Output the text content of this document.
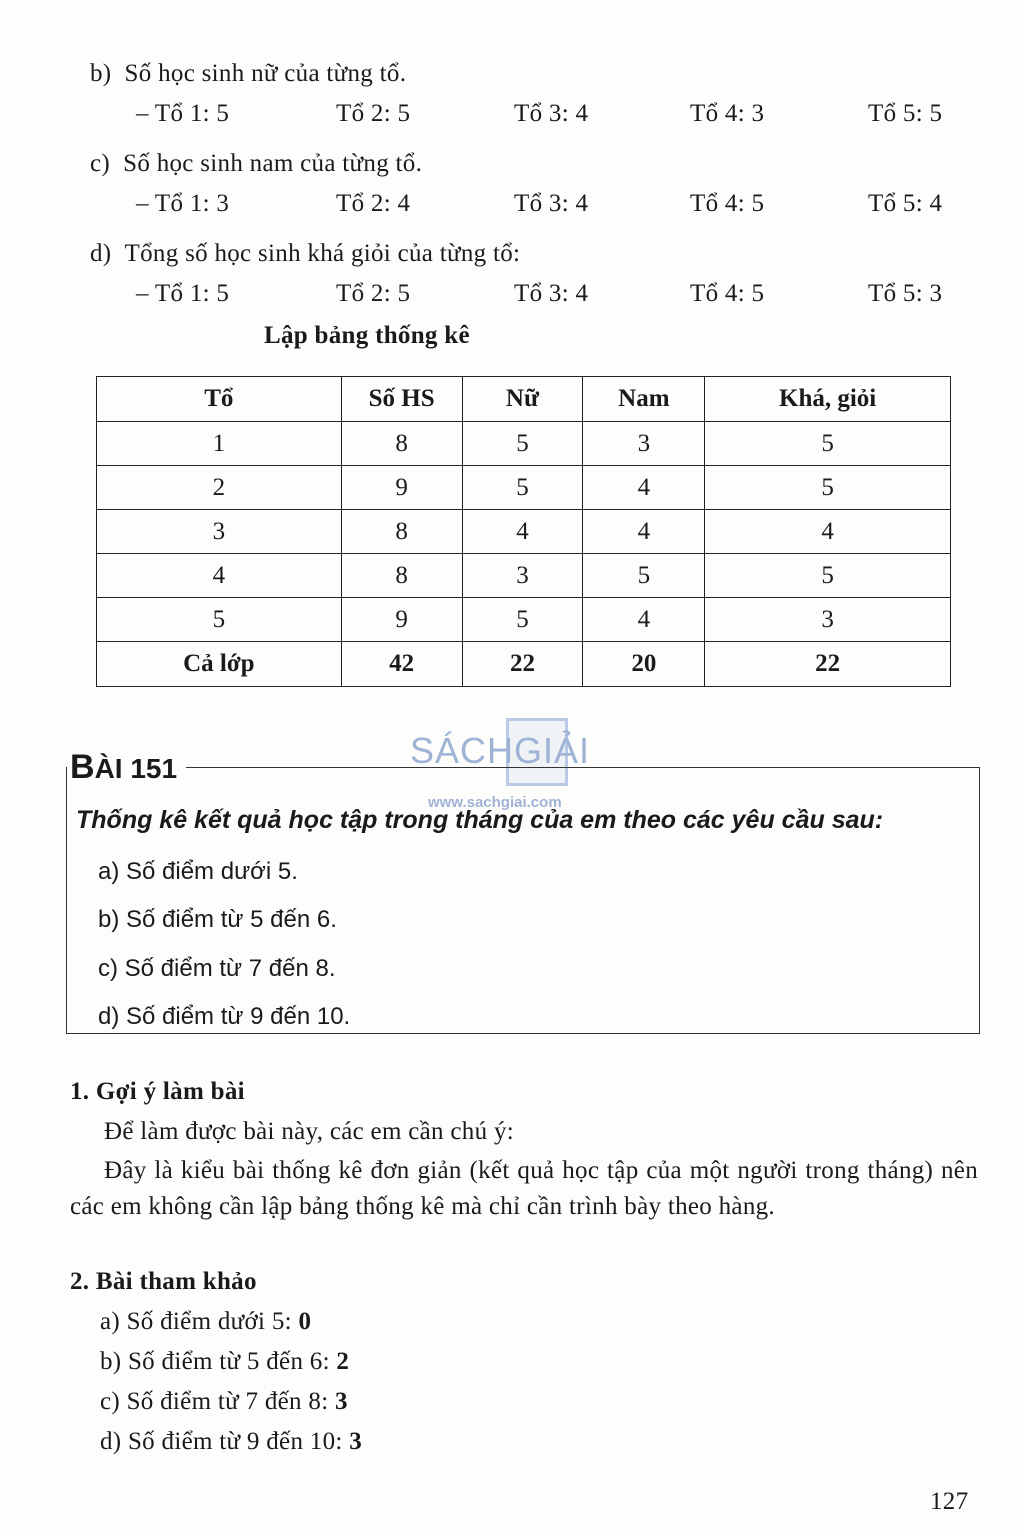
b) Số học sinh nữ của từng tổ.
– Tổ 1: 5	Tổ 2: 5	Tổ 3: 4	Tổ 4: 3	Tổ 5: 5
c) Số học sinh nam của từng tổ.
– Tổ 1: 3	Tổ 2: 4	Tổ 3: 4	Tổ 4: 5	Tổ 5: 4
d) Tổng số học sinh khá giỏi của từng tổ:
– Tổ 1: 5	Tổ 2: 5	Tổ 3: 4	Tổ 4: 5	Tổ 5: 3
Lập bảng thống kê
Tổ	Số HS	Nữ	Nam	Khá, giỏi
1	8	5	3	5
2	9	5	4	5
3	8	4	4	4
4	8	3	5	5
5	9	5	4	3
Cả lớp	42	22	20	22
SÁCHGIẢI
www.sachgiai.com
BÀI 151
Thống kê kết quả học tập trong tháng của em theo các yêu cầu sau:
a) Số điểm dưới 5.
b) Số điểm từ 5 đến 6.
c) Số điểm từ 7 đến 8.
d) Số điểm từ 9 đến 10.
1. Gợi ý làm bài
Để làm được bài này, các em cần chú ý:
Đây là kiểu bài thống kê đơn giản (kết quả học tập của một người trong tháng) nên các em không cần lập bảng thống kê mà chỉ cần trình bày theo hàng.
2. Bài tham khảo
a) Số điểm dưới 5: 0
b) Số điểm từ 5 đến 6: 2
c) Số điểm từ 7 đến 8: 3
d) Số điểm từ 9 đến 10: 3
127
